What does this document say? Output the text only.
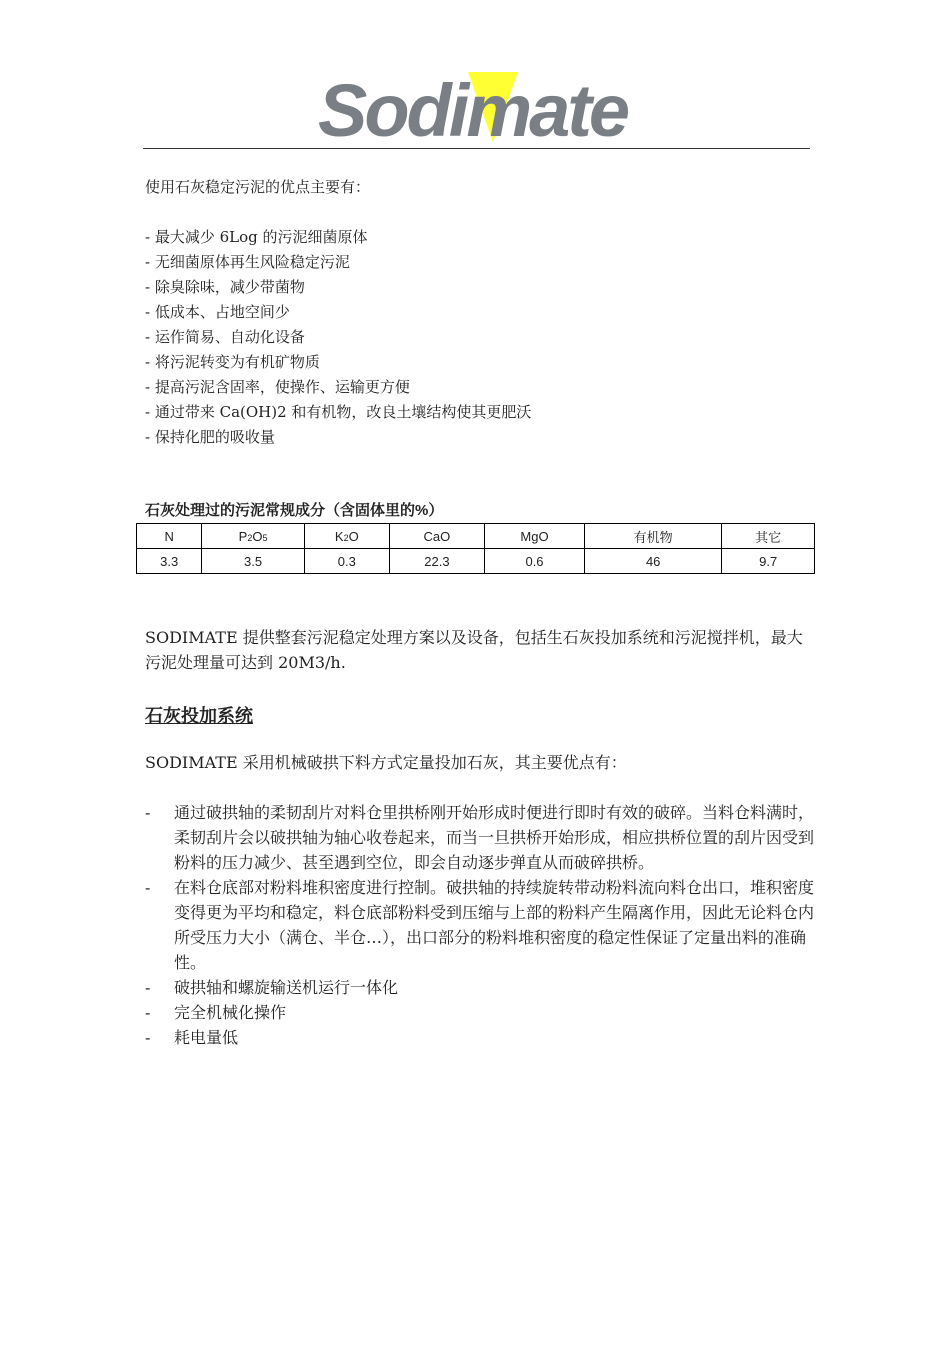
Sodimate
使用石灰稳定污泥的优点主要有：
- 最大减少 6Log 的污泥细菌原体
- 无细菌原体再生风险稳定污泥
- 除臭除味，减少带菌物
- 低成本、占地空间少
- 运作简易、自动化设备
- 将污泥转变为有机矿物质
- 提高污泥含固率，使操作、运输更方便
- 通过带来 Ca(OH)2 和有机物，改良土壤结构使其更肥沃
- 保持化肥的吸收量
石灰处理过的污泥常规成分（含固体里的%）
N	P2O5	K2O	CaO	MgO	有机物	其它
3.3	3.5	0.3	22.3	0.6	46	9.7
SODIMATE 提供整套污泥稳定处理方案以及设备，包括生石灰投加系统和污泥搅拌机，最大污泥处理量可达到 20M3/h.
石灰投加系统
SODIMATE 采用机械破拱下料方式定量投加石灰，其主要优点有：
- 通过破拱轴的柔韧刮片对料仓里拱桥刚开始形成时便进行即时有效的破碎。当料仓料满时，柔韧刮片会以破拱轴为轴心收卷起来，而当一旦拱桥开始形成，相应拱桥位置的刮片因受到粉料的压力减少、甚至遇到空位，即会自动逐步弹直从而破碎拱桥。
- 在料仓底部对粉料堆积密度进行控制。破拱轴的持续旋转带动粉料流向料仓出口，堆积密度变得更为平均和稳定，料仓底部粉料受到压缩与上部的粉料产生隔离作用，因此无论料仓内所受压力大小（满仓、半仓…），出口部分的粉料堆积密度的稳定性保证了定量出料的准确性。
- 破拱轴和螺旋输送机运行一体化
- 完全机械化操作
- 耗电量低
